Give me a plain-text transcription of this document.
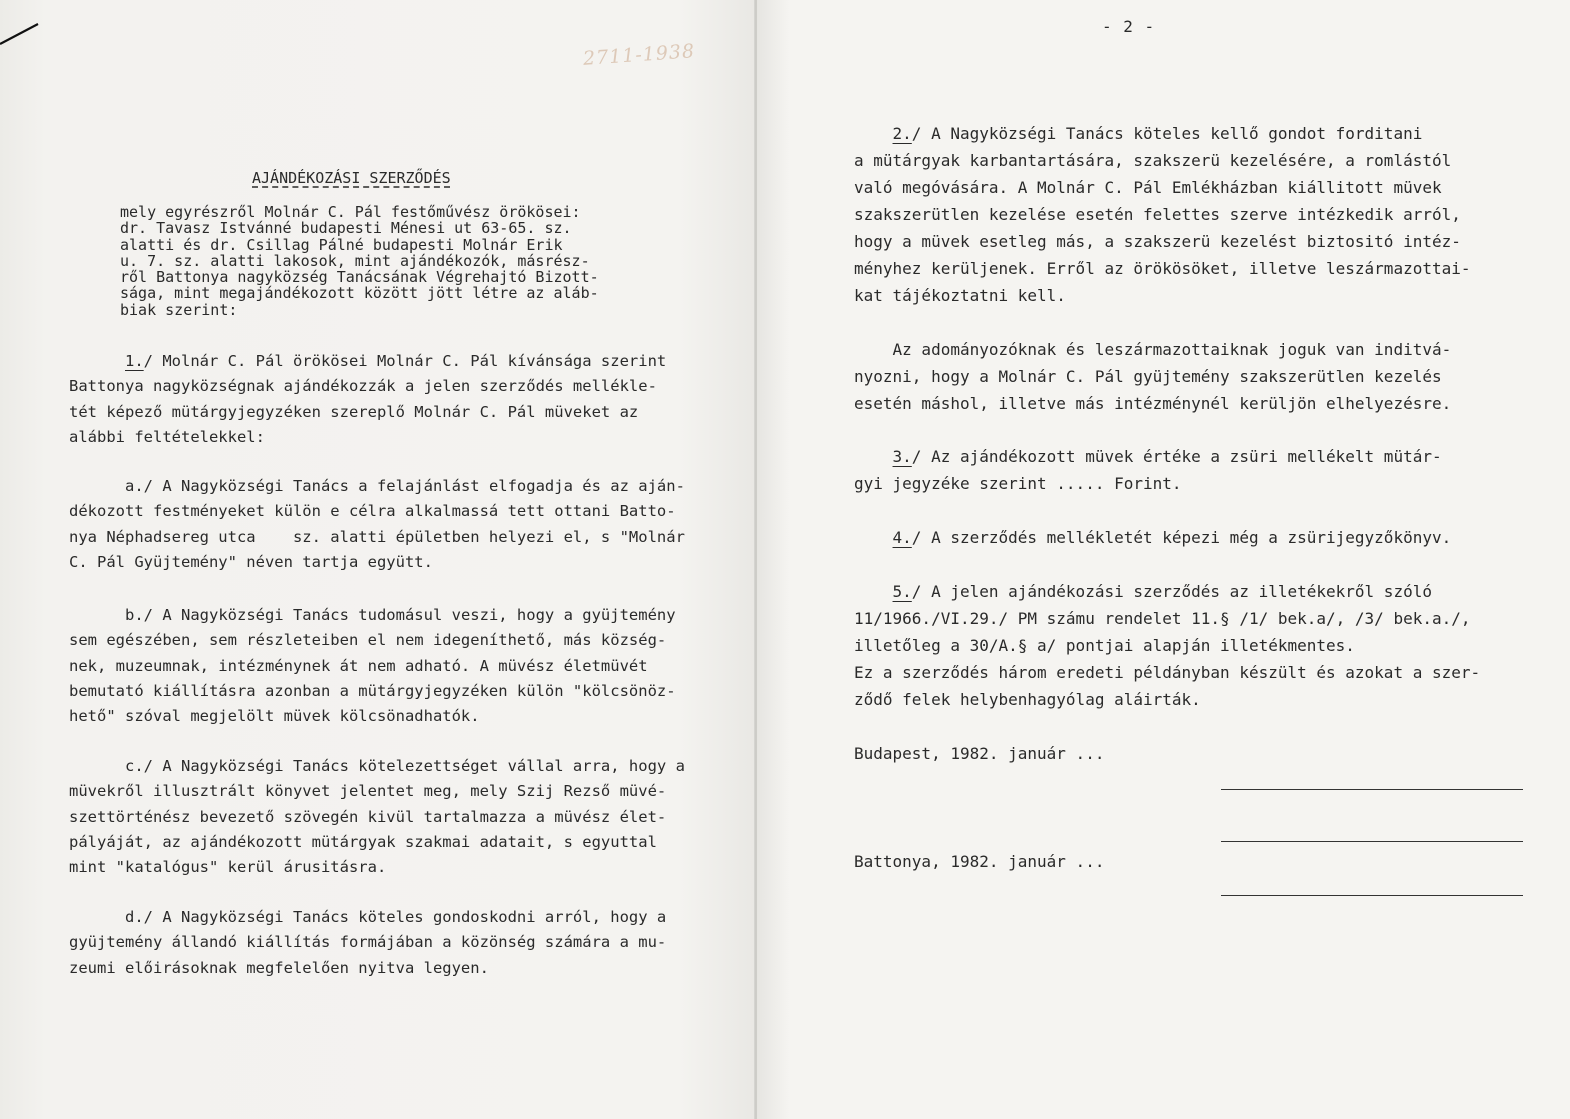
2711-1938
AJÁNDÉKOZÁSI SZERZŐDÉS
mely egyrészről Molnár C. Pál festőművész örökösei:
dr. Tavasz Istvánné budapesti Ménesi ut 63-65. sz.
alatti és dr. Csillag Pálné budapesti Molnár Erik
u. 7. sz. alatti lakosok, mint ajándékozók, másrész-
ről Battonya nagyközség Tanácsának Végrehajtó Bizott-
sága, mint megajándékozott között jött létre az aláb-
biak szerint:
1./ Molnár C. Pál örökösei Molnár C. Pál kívánsága szerint
Battonya nagyközségnak ajándékozzák a jelen szerződés mellékle-
tét képező mütárgyjegyzéken szereplő Molnár C. Pál müveket az
alábbi feltételekkel:
a./ A Nagyközségi Tanács a felajánlást elfogadja és az aján-
dékozott festményeket külön e célra alkalmassá tett ottani Batto-
nya Néphadsereg utca    sz. alatti épületben helyezi el, s "Molnár
C. Pál Gyüjtemény" néven tartja együtt.
b./ A Nagyközségi Tanács tudomásul veszi, hogy a gyüjtemény
sem egészében, sem részleteiben el nem idegeníthető, más község-
nek, muzeumnak, intézménynek át nem adható. A müvész életmüvét
bemutató kiállításra azonban a mütárgyjegyzéken külön "kölcsönöz-
hető" szóval megjelölt müvek kölcsönadhatók.
c./ A Nagyközségi Tanács kötelezettséget vállal arra, hogy a
müvekről illusztrált könyvet jelentet meg, mely Szij Rezső müvé-
szettörténész bevezető szövegén kivül tartalmazza a müvész élet-
pályáját, az ajándékozott mütárgyak szakmai adatait, s egyuttal
mint "katalógus" kerül árusitásra.
d./ A Nagyközségi Tanács köteles gondoskodni arról, hogy a
gyüjtemény állandó kiállítás formájában a közönség számára a mu-
zeumi előirásoknak megfelelően nyitva legyen.
- 2 -
2./ A Nagyközségi Tanács köteles kellő gondot forditani
a mütárgyak karbantartására, szakszerü kezelésére, a romlástól
való megóvására. A Molnár C. Pál Emlékházban kiállitott müvek
szakszerütlen kezelése esetén felettes szerve intézkedik arról,
hogy a müvek esetleg más, a szakszerü kezelést biztositó intéz-
ményhez kerüljenek. Erről az örökösöket, illetve leszármazottai-
kat tájékoztatni kell.
Az adományozóknak és leszármazottaiknak joguk van inditvá-
nyozni, hogy a Molnár C. Pál gyüjtemény szakszerütlen kezelés
esetén máshol, illetve más intézménynél kerüljön elhelyezésre.
3./ Az ajándékozott müvek értéke a zsüri mellékelt mütár-
gyi jegyzéke szerint ..... Forint.
4./ A szerződés mellékletét képezi még a zsürijegyzőkönyv.
5./ A jelen ajándékozási szerződés az illetékekről szóló
11/1966./VI.29./ PM számu rendelet 11.§ /1/ bek.a/, /3/ bek.a./,
illetőleg a 30/A.§ a/ pontjai alapján illetékmentes.
Ez a szerződés három eredeti példányban készült és azokat a szer-
ződő felek helybenhagyólag aláirták.
Budapest, 1982. január ...
Battonya, 1982. január ...
